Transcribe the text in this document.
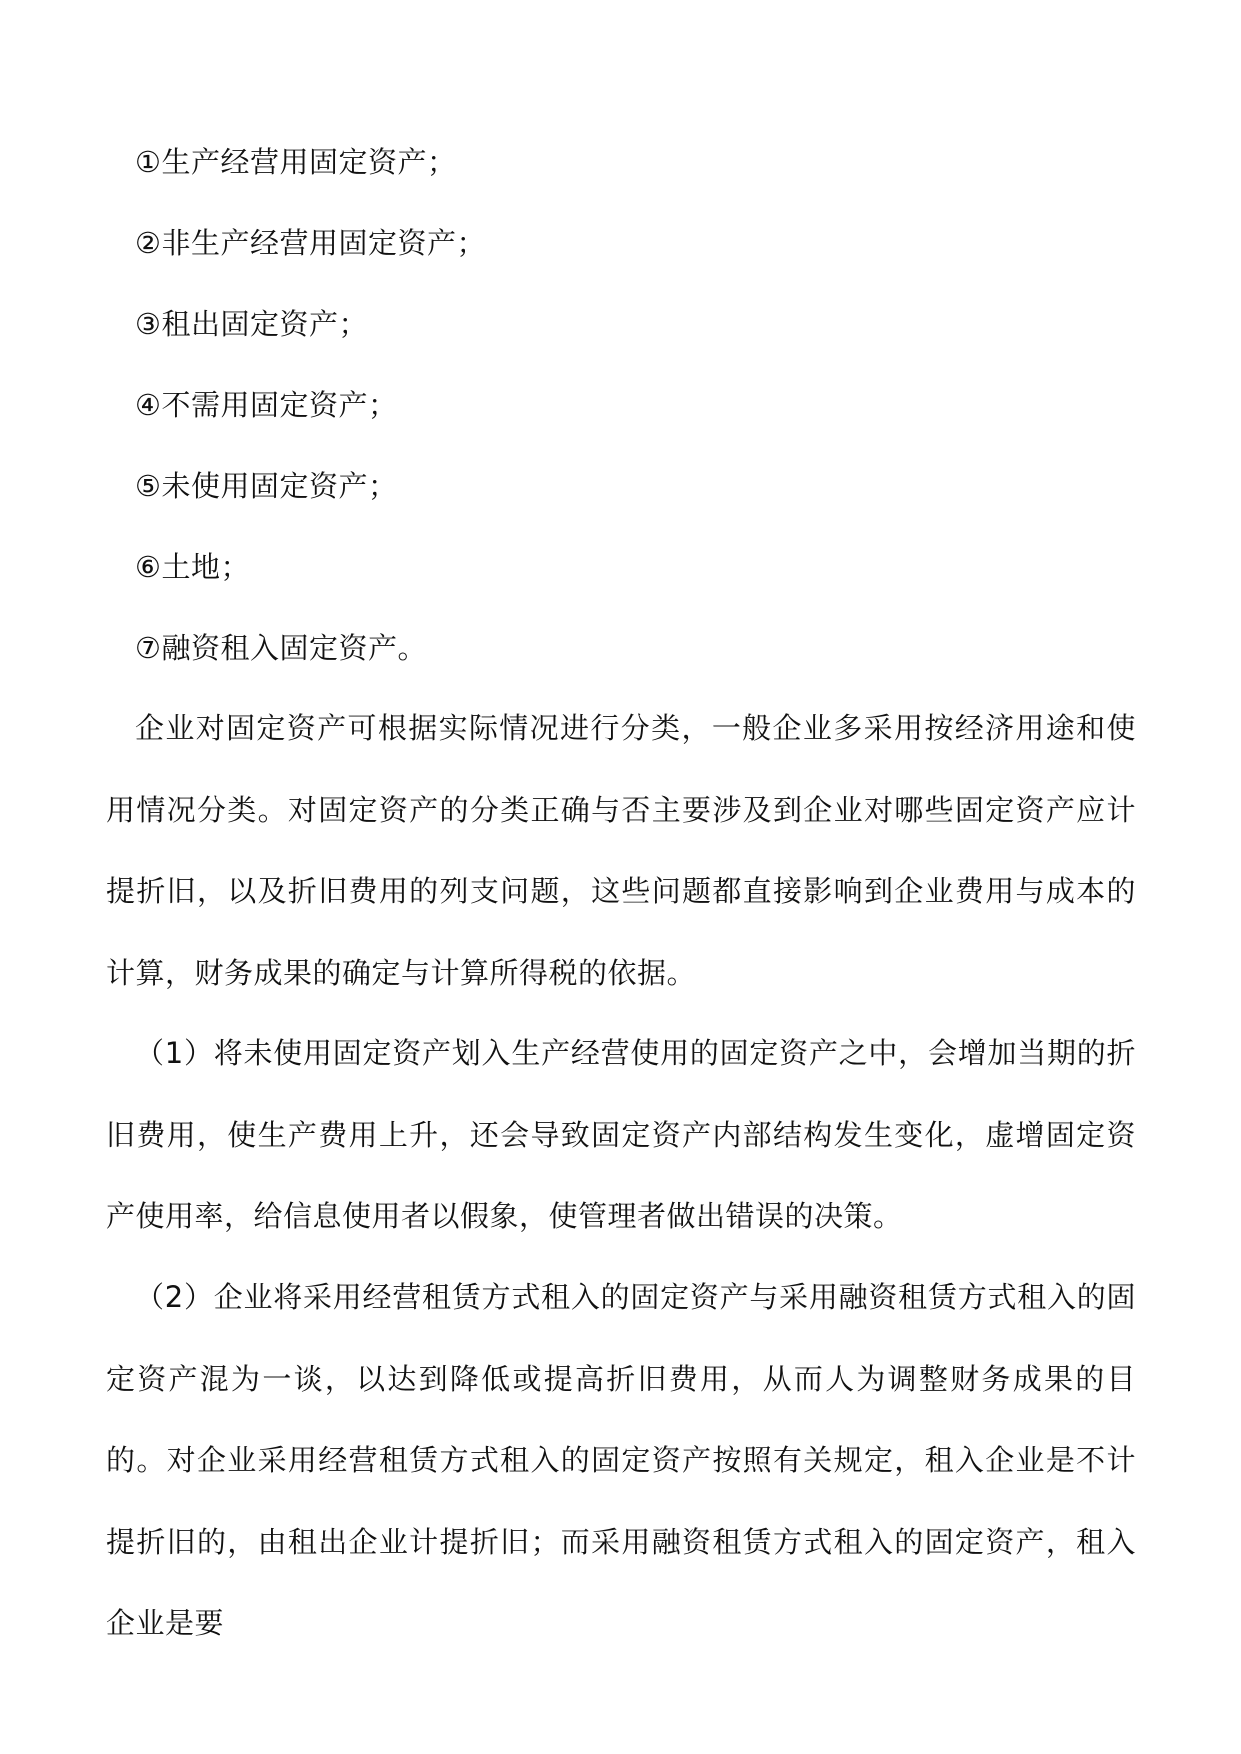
①生产经营用固定资产；
②非生产经营用固定资产；
③租出固定资产；
④不需用固定资产；
⑤未使用固定资产；
⑥土地；
⑦融资租入固定资产。

企业对固定资产可根据实际情况进行分类，一般企业多采用按经济用途和使用情况分类。对固定资产的分类正确与否主要涉及到企业对哪些固定资产应计提折旧，以及折旧费用的列支问题，这些问题都直接影响到企业费用与成本的计算，财务成果的确定与计算所得税的依据。

（1）将未使用固定资产划入生产经营使用的固定资产之中，会增加当期的折旧费用，使生产费用上升，还会导致固定资产内部结构发生变化，虚增固定资产使用率，给信息使用者以假象，使管理者做出错误的决策。

（2）企业将采用经营租赁方式租入的固定资产与采用融资租赁方式租入的固定资产混为一谈，以达到降低或提高折旧费用，从而人为调整财务成果的目的。对企业采用经营租赁方式租入的固定资产按照有关规定，租入企业是不计提折旧的，由租出企业计提折旧；而采用融资租赁方式租入的固定资产，租入企业是要
